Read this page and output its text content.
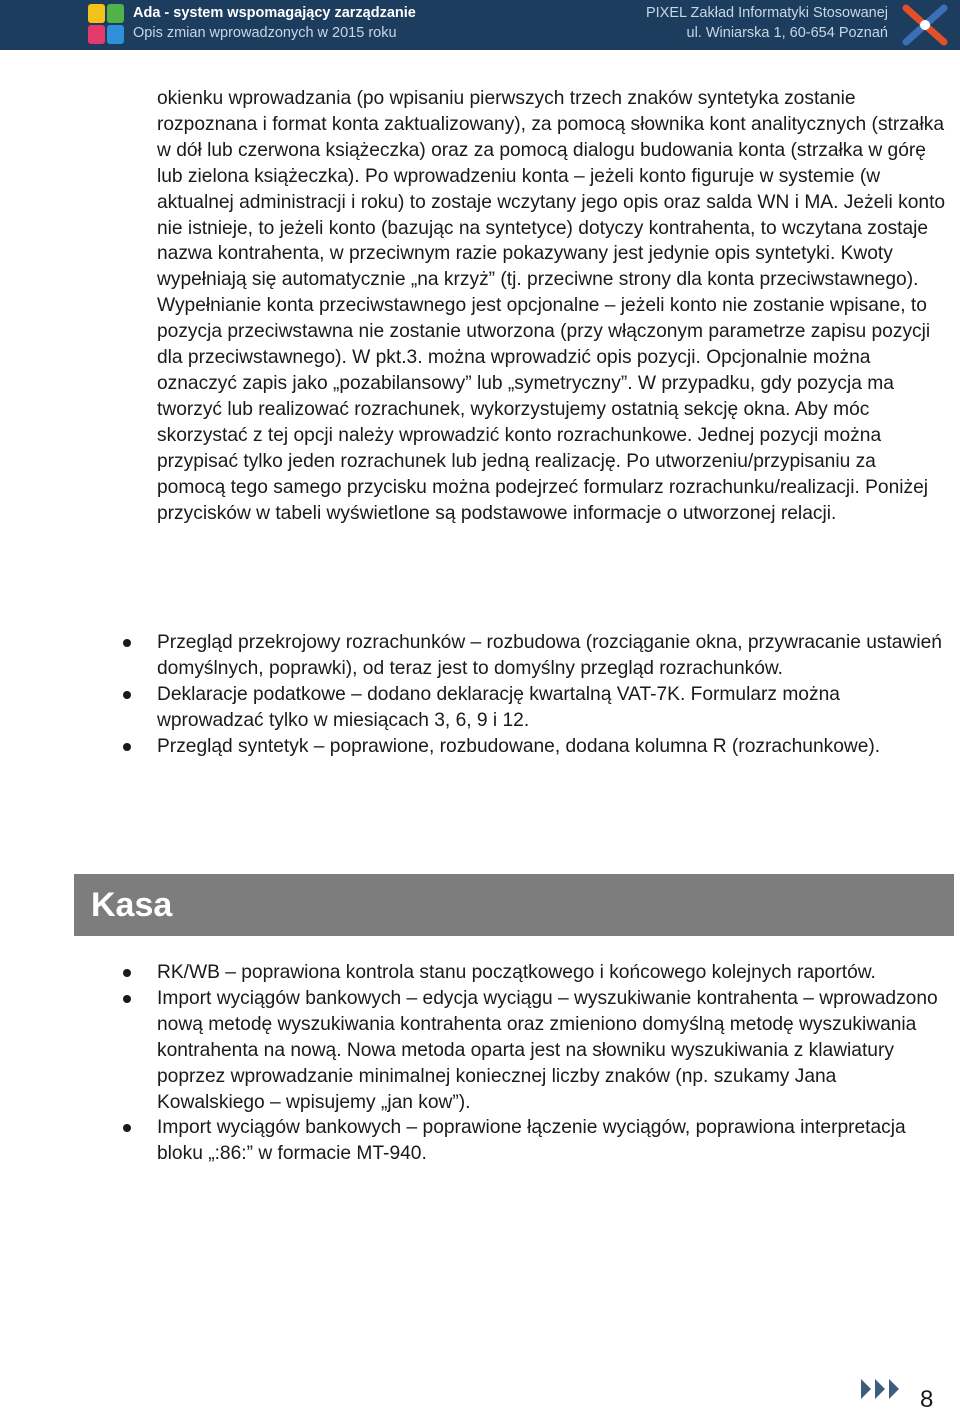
Ada - system wspomagający zarządzanie
Opis zmian wprowadzonych w 2015 roku
PIXEL Zakład Informatyki Stosowanej
ul. Winiarska 1, 60-654 Poznań

okienku wprowadzania (po wpisaniu pierwszych trzech znaków syntetyka zostanie rozpoznana i format konta zaktualizowany), za pomocą słownika kont analitycznych (strzałka w dół lub czerwona książeczka) oraz za pomocą dialogu budowania konta (strzałka w górę lub zielona książeczka). Po wprowadzeniu konta – jeżeli konto figuruje w systemie (w aktualnej administracji i roku) to zostaje wczytany jego opis oraz salda WN i MA. Jeżeli konto nie istnieje, to jeżeli konto (bazując na syntetyce) dotyczy kontrahenta, to wczytana zostaje nazwa kontrahenta, w przeciwnym razie pokazywany jest jedynie opis syntetyki. Kwoty wypełniają się automatycznie „na krzyż” (tj. przeciwne strony dla konta przeciwstawnego). Wypełnianie konta przeciwstawnego jest opcjonalne – jeżeli konto nie zostanie wpisane, to pozycja przeciwstawna nie zostanie utworzona (przy włączonym parametrze zapisu pozycji dla przeciwstawnego). W pkt.3. można wprowadzić opis pozycji. Opcjonalnie można oznaczyć zapis jako „pozabilansowy” lub „symetryczny”. W przypadku, gdy pozycja ma tworzyć lub realizować rozrachunek, wykorzystujemy ostatnią sekcję okna. Aby móc skorzystać z tej opcji należy wprowadzić konto rozrachunkowe. Jednej pozycji można przypisać tylko jeden rozrachunek lub jedną realizację. Po utworzeniu/przypisaniu za pomocą tego samego przycisku można podejrzeć formularz rozrachunku/realizacji. Poniżej przycisków w tabeli wyświetlone są podstawowe informacje o utworzonej relacji.

Przegląd przekrojowy rozrachunków – rozbudowa (rozciąganie okna, przywracanie ustawień domyślnych, poprawki), od teraz jest to domyślny przegląd rozrachunków.
Deklaracje podatkowe – dodano deklarację kwartalną VAT-7K. Formularz można wprowadzać tylko w miesiącach 3, 6, 9 i 12.
Przegląd syntetyk – poprawione, rozbudowane, dodana kolumna R (rozrachunkowe).
Kasa
RK/WB – poprawiona kontrola stanu początkowego i końcowego kolejnych raportów.
Import wyciągów bankowych – edycja wyciągu – wyszukiwanie kontrahenta – wprowadzono nową metodę wyszukiwania kontrahenta oraz zmieniono domyślną metodę wyszukiwania kontrahenta na nową. Nowa metoda oparta jest na słowniku wyszukiwania z klawiatury poprzez wprowadzanie minimalnej koniecznej liczby znaków (np. szukamy Jana Kowalskiego – wpisujemy „jan kow”).
Import wyciągów bankowych – poprawione łączenie wyciągów, poprawiona interpretacja bloku „:86:” w formacie MT-940.
8
